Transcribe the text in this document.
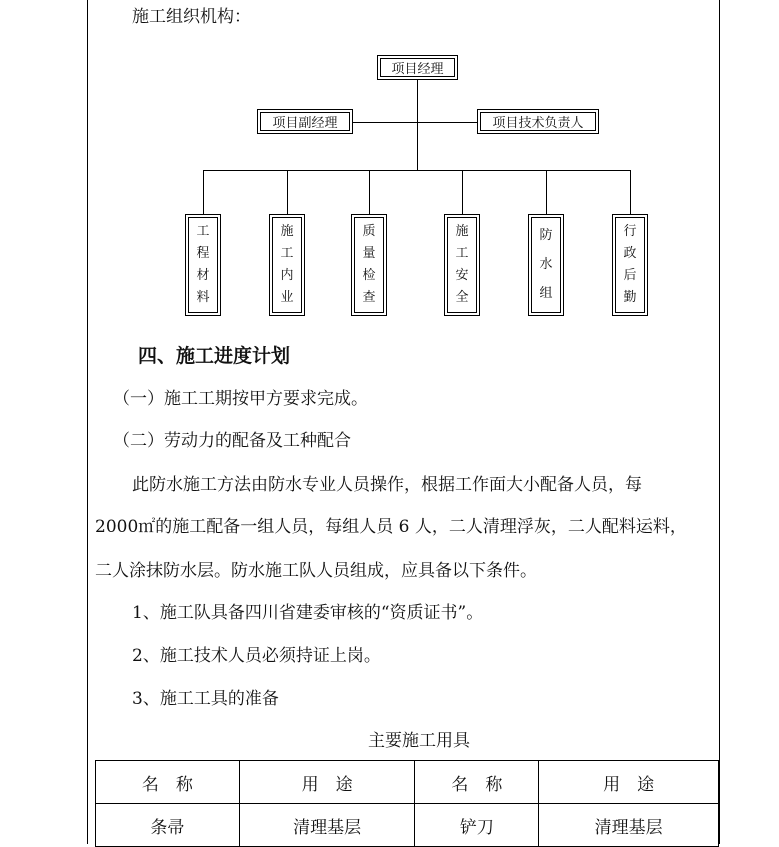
施工组织机构：
项目经理
项目副经理	项目技术负责人
工
程
材
料
施
工
内
业
质
量
检
查
施
工
安
全
防
水
组
行
政
后
勤
四、施工进度计划
（一）施工工期按甲方要求完成。
（二）劳动力的配备及工种配合
此防水施工方法由防水专业人员操作，根据工作面大小配备人员，每
2000㎡的施工配备一组人员，每组人员 6 人，二人清理浮灰，二人配料运料，
二人涂抹防水层。防水施工队人员组成，应具备以下条件。
1、施工队具备四川省建委审核的“资质证书”。
2、施工技术人员必须持证上岗。
3、施工工具的准备
主要施工用具
名　称	用　途	名　称	用　途
条帚	清理基层	铲刀	清理基层
